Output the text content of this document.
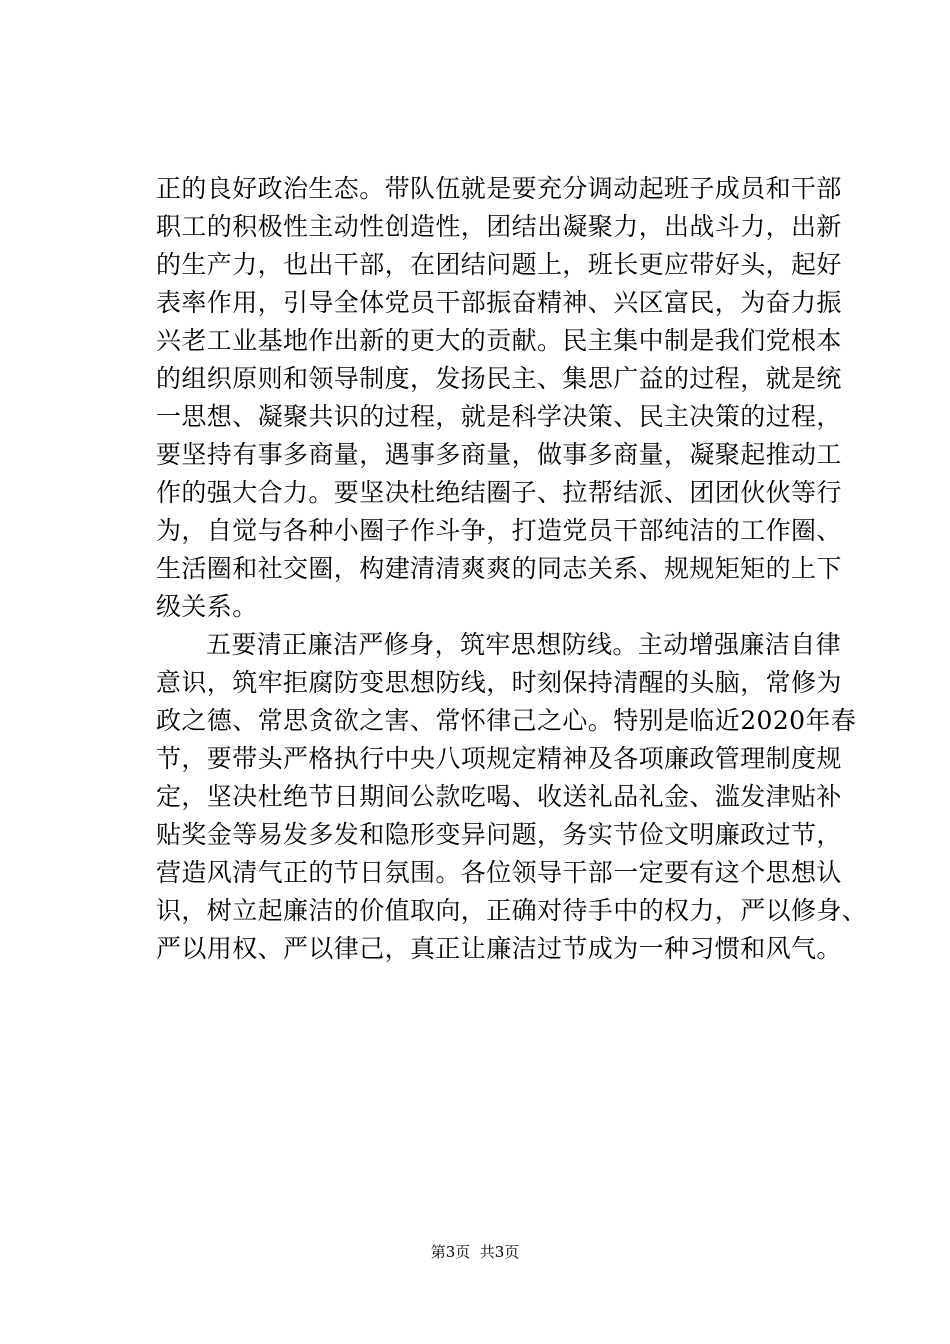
正的良好政治生态。带队伍就是要充分调动起班子成员和干部
职工的积极性主动性创造性，团结出凝聚力，出战斗力，出新
的生产力，也出干部，在团结问题上，班长更应带好头，起好
表率作用，引导全体党员干部振奋精神、兴区富民，为奋力振
兴老工业基地作出新的更大的贡献。民主集中制是我们党根本
的组织原则和领导制度，发扬民主、集思广益的过程，就是统
一思想、凝聚共识的过程，就是科学决策、民主决策的过程，
要坚持有事多商量，遇事多商量，做事多商量，凝聚起推动工
作的强大合力。要坚决杜绝结圈子、拉帮结派、团团伙伙等行
为，自觉与各种小圈子作斗争，打造党员干部纯洁的工作圈、
生活圈和社交圈，构建清清爽爽的同志关系、规规矩矩的上下
级关系。
五要清正廉洁严修身，筑牢思想防线。主动增强廉洁自律
意识，筑牢拒腐防变思想防线，时刻保持清醒的头脑，常修为
政之德、常思贪欲之害、常怀律己之心。特别是临近2020年春
节，要带头严格执行中央八项规定精神及各项廉政管理制度规
定，坚决杜绝节日期间公款吃喝、收送礼品礼金、滥发津贴补
贴奖金等易发多发和隐形变异问题，务实节俭文明廉政过节，
营造风清气正的节日氛围。各位领导干部一定要有这个思想认
识，树立起廉洁的价值取向，正确对待手中的权力，严以修身、
严以用权、严以律己，真正让廉洁过节成为一种习惯和风气。
第3页  共3页
